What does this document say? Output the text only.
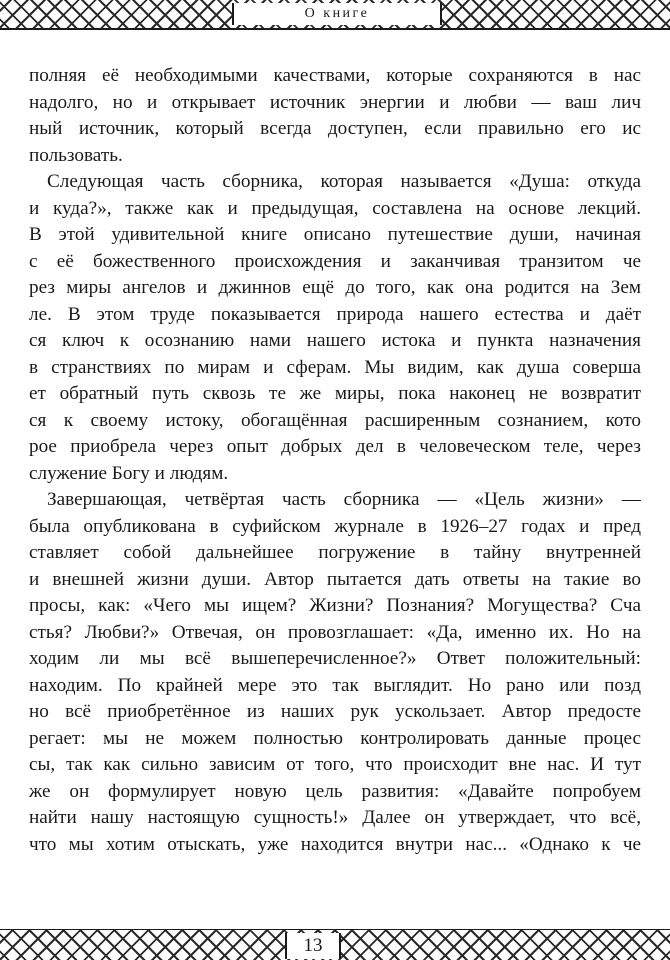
О книге
полняя её необходимыми качествами, которые сохраняются в нас
надолго, но и открывает источник энергии и любви — ваш лич
ный источник, который всегда доступен, если правильно его ис
пользовать.
Следующая часть сборника, которая называется «Душа: откуда
и куда?», также как и предыдущая, составлена на основе лекций.
В этой удивительной книге описано путешествие души, начиная
с её божественного происхождения и заканчивая транзитом че
рез миры ангелов и джиннов ещё до того, как она родится на Зем
ле. В этом труде показывается природа нашего естества и даёт
ся ключ к осознанию нами нашего истока и пункта назначения
в странствиях по мирам и сферам. Мы видим, как душа совершa
ет обратный путь сквозь те же миры, пока наконец не возвратит
ся к своему истоку, обогащённая расширенным сознанием, кото
рое приобрела через опыт добрых дел в человеческом теле, через
служение Богу и людям.
Завершающая, четвёртая часть сборника — «Цель жизни» —
была опубликована в суфийском журнале в 1926–27 годах и пред
ставляет собой дальнейшее погружение в тайну внутренней
и внешней жизни души. Автор пытается дать ответы на такие во
просы, как: «Чего мы ищем? Жизни? Познания? Могущества? Сча
стья? Любви?» Отвечая, он провозглашает: «Да, именно их. Но на
ходим ли мы всё вышеперечисленное?» Ответ положительный:
находим. По крайней мере это так выглядит. Но рано или позд
но всё приобретённое из наших рук ускользает. Автор предосте
регает: мы не можем полностью контролировать данные процес
сы, так как сильно зависим от того, что происходит вне нас. И тут
же он формулирует новую цель развития: «Давайте попробуем
найти нашу настоящую сущность!» Далее он утверждает, что всё,
что мы хотим отыскать, уже находится внутри нас... «Однако к че
13
